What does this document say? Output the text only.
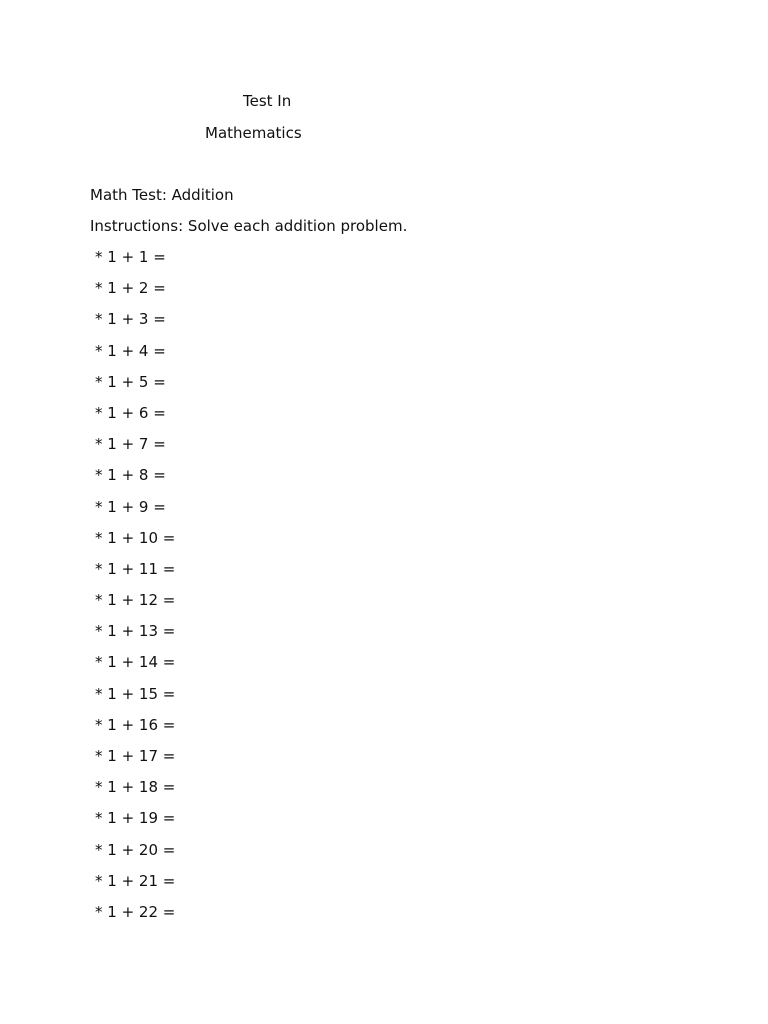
Test In
Mathematics
Math Test: Addition
Instructions: Solve each addition problem.
* 1 + 1 =
* 1 + 2 =
* 1 + 3 =
* 1 + 4 =
* 1 + 5 =
* 1 + 6 =
* 1 + 7 =
* 1 + 8 =
* 1 + 9 =
* 1 + 10 =
* 1 + 11 =
* 1 + 12 =
* 1 + 13 =
* 1 + 14 =
* 1 + 15 =
* 1 + 16 =
* 1 + 17 =
* 1 + 18 =
* 1 + 19 =
* 1 + 20 =
* 1 + 21 =
* 1 + 22 =
